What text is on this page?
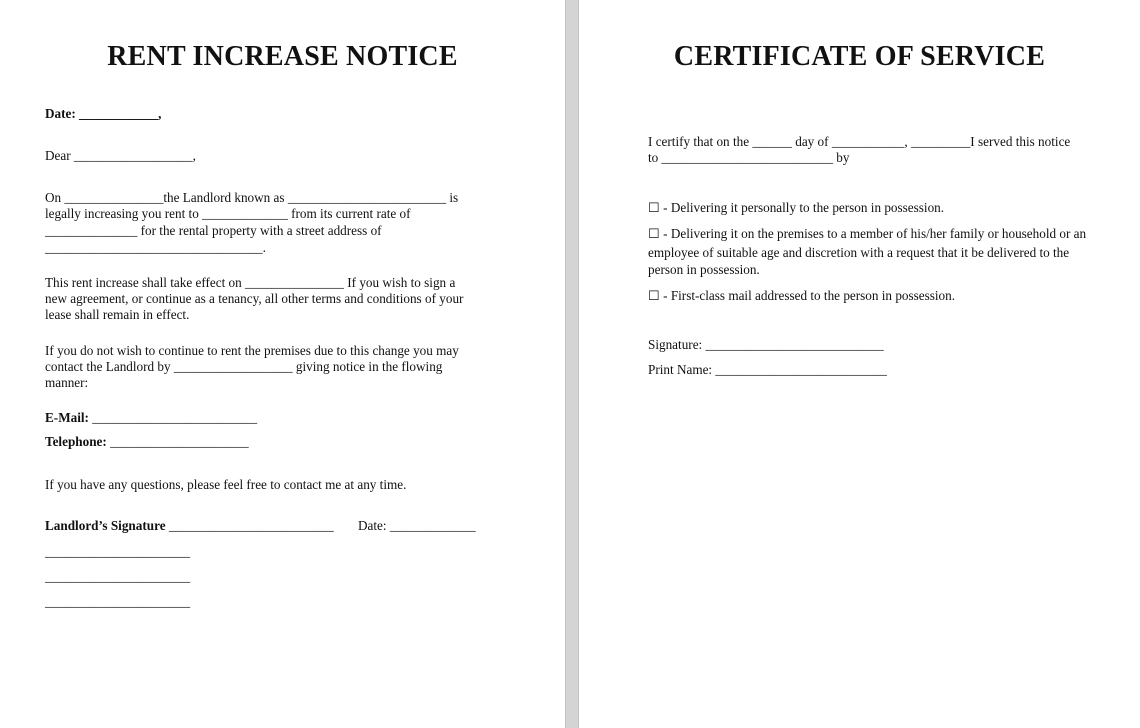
RENT INCREASE NOTICE
Date: ____________,
Dear __________________,
On _______________the Landlord known as ________________________ is
legally increasing you rent to _____________ from its current rate of
______________ for the rental property with a street address of
_________________________________.
This rent increase shall take effect on _______________ If you wish to sign a
new agreement, or continue as a tenancy, all other terms and conditions of your
lease shall remain in effect.
If you do not wish to continue to rent the premises due to this change you may
contact the Landlord by __________________ giving notice in the flowing
manner:
E-Mail: _________________________
Telephone: _____________________
If you have any questions, please feel free to contact me at any time.
Landlord’s Signature _________________________ Date: _____________
______________________
______________________
______________________
CERTIFICATE OF SERVICE
I certify that on the ______ day of ___________, _________I served this notice
to __________________________ by
☐ - Delivering it personally to the person in possession.
☐ - Delivering it on the premises to a member of his/her family or household or an
employee of suitable age and discretion with a request that it be delivered to the
person in possession.
☐ - First-class mail addressed to the person in possession.
Signature: ___________________________
Print Name: __________________________
